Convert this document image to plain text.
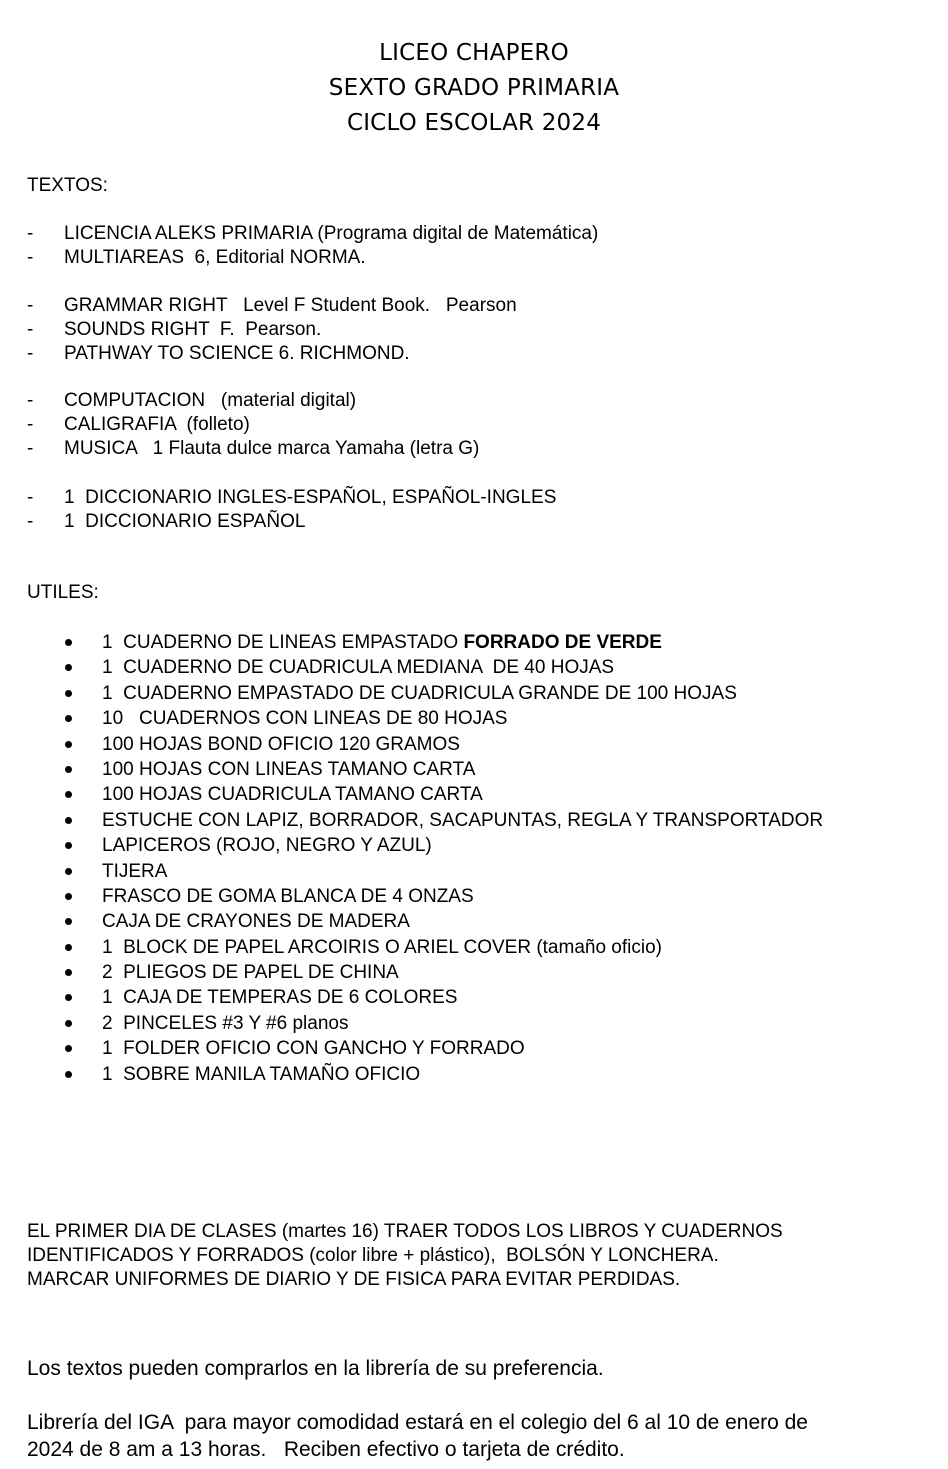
LICEO CHAPERO
SEXTO GRADO PRIMARIA
CICLO ESCOLAR 2024
TEXTOS:
- LICENCIA ALEKS PRIMARIA (Programa digital de Matemática)
- MULTIAREAS  6, Editorial NORMA.
- GRAMMAR RIGHT   Level F Student Book.   Pearson
- SOUNDS RIGHT  F.  Pearson.
- PATHWAY TO SCIENCE 6. RICHMOND.
- COMPUTACION   (material digital)
- CALIGRAFIA  (folleto)
- MUSICA   1 Flauta dulce marca Yamaha (letra G)
- 1  DICCIONARIO INGLES-ESPAÑOL, ESPAÑOL-INGLES
- 1  DICCIONARIO ESPAÑOL
UTILES:
1  CUADERNO DE LINEAS EMPASTADO FORRADO DE VERDE
1  CUADERNO DE CUADRICULA MEDIANA  DE 40 HOJAS
1  CUADERNO EMPASTADO DE CUADRICULA GRANDE DE 100 HOJAS
10   CUADERNOS CON LINEAS DE 80 HOJAS
100 HOJAS BOND OFICIO 120 GRAMOS
100 HOJAS CON LINEAS TAMANO CARTA
100 HOJAS CUADRICULA TAMANO CARTA
ESTUCHE CON LAPIZ, BORRADOR, SACAPUNTAS, REGLA Y TRANSPORTADOR
LAPICEROS (ROJO, NEGRO Y AZUL)
TIJERA
FRASCO DE GOMA BLANCA DE 4 ONZAS
CAJA DE CRAYONES DE MADERA
1  BLOCK DE PAPEL ARCOIRIS O ARIEL COVER (tamaño oficio)
2  PLIEGOS DE PAPEL DE CHINA
1  CAJA DE TEMPERAS DE 6 COLORES
2  PINCELES #3 Y #6 planos
1  FOLDER OFICIO CON GANCHO Y FORRADO
1  SOBRE MANILA TAMAÑO OFICIO
EL PRIMER DIA DE CLASES (martes 16) TRAER TODOS LOS LIBROS Y CUADERNOS
IDENTIFICADOS Y FORRADOS (color libre + plástico),  BOLSÓN Y LONCHERA.
MARCAR UNIFORMES DE DIARIO Y DE FISICA PARA EVITAR PERDIDAS.
Los textos pueden comprarlos en la librería de su preferencia.
Librería del IGA  para mayor comodidad estará en el colegio del 6 al 10 de enero de
2024 de 8 am a 13 horas.   Reciben efectivo o tarjeta de crédito.
